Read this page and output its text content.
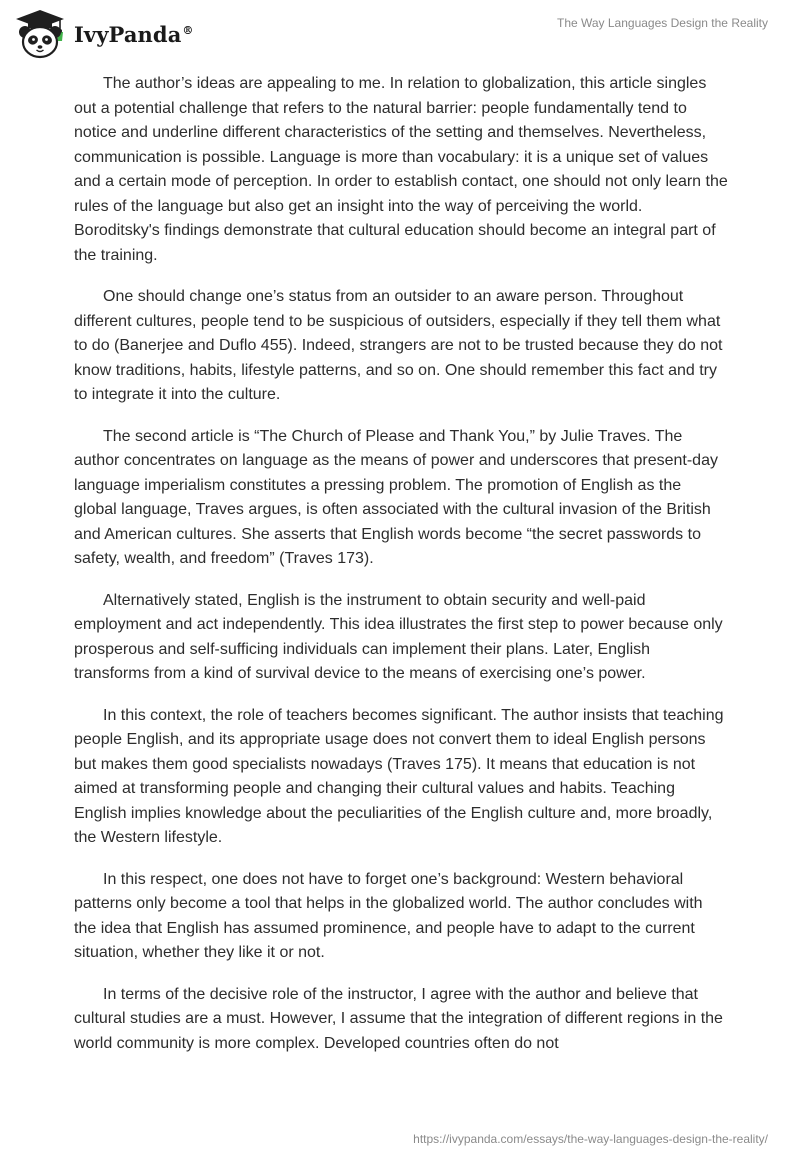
IvyPanda®	The Way Languages Design the Reality

The author’s ideas are appealing to me. In relation to globalization, this article singles out a potential challenge that refers to the natural barrier: people fundamentally tend to notice and underline different characteristics of the setting and themselves. Nevertheless, communication is possible. Language is more than vocabulary: it is a unique set of values and a certain mode of perception. In order to establish contact, one should not only learn the rules of the language but also get an insight into the way of perceiving the world. Boroditsky's findings demonstrate that cultural education should become an integral part of the training.

One should change one’s status from an outsider to an aware person. Throughout different cultures, people tend to be suspicious of outsiders, especially if they tell them what to do (Banerjee and Duflo 455). Indeed, strangers are not to be trusted because they do not know traditions, habits, lifestyle patterns, and so on. One should remember this fact and try to integrate it into the culture.

The second article is “The Church of Please and Thank You,” by Julie Traves. The author concentrates on language as the means of power and underscores that present-day language imperialism constitutes a pressing problem. The promotion of English as the global language, Traves argues, is often associated with the cultural invasion of the British and American cultures. She asserts that English words become “the secret passwords to safety, wealth, and freedom” (Traves 173).

Alternatively stated, English is the instrument to obtain security and well-paid employment and act independently. This idea illustrates the first step to power because only prosperous and self-sufficing individuals can implement their plans. Later, English transforms from a kind of survival device to the means of exercising one’s power.

In this context, the role of teachers becomes significant. The author insists that teaching people English, and its appropriate usage does not convert them to ideal English persons but makes them good specialists nowadays (Traves 175). It means that education is not aimed at transforming people and changing their cultural values and habits. Teaching English implies knowledge about the peculiarities of the English culture and, more broadly, the Western lifestyle.

In this respect, one does not have to forget one’s background: Western behavioral patterns only become a tool that helps in the globalized world. The author concludes with the idea that English has assumed prominence, and people have to adapt to the current situation, whether they like it or not.

In terms of the decisive role of the instructor, I agree with the author and believe that cultural studies are a must. However, I assume that the integration of different regions in the world community is more complex. Developed countries often do not

https://ivypanda.com/essays/the-way-languages-design-the-reality/
